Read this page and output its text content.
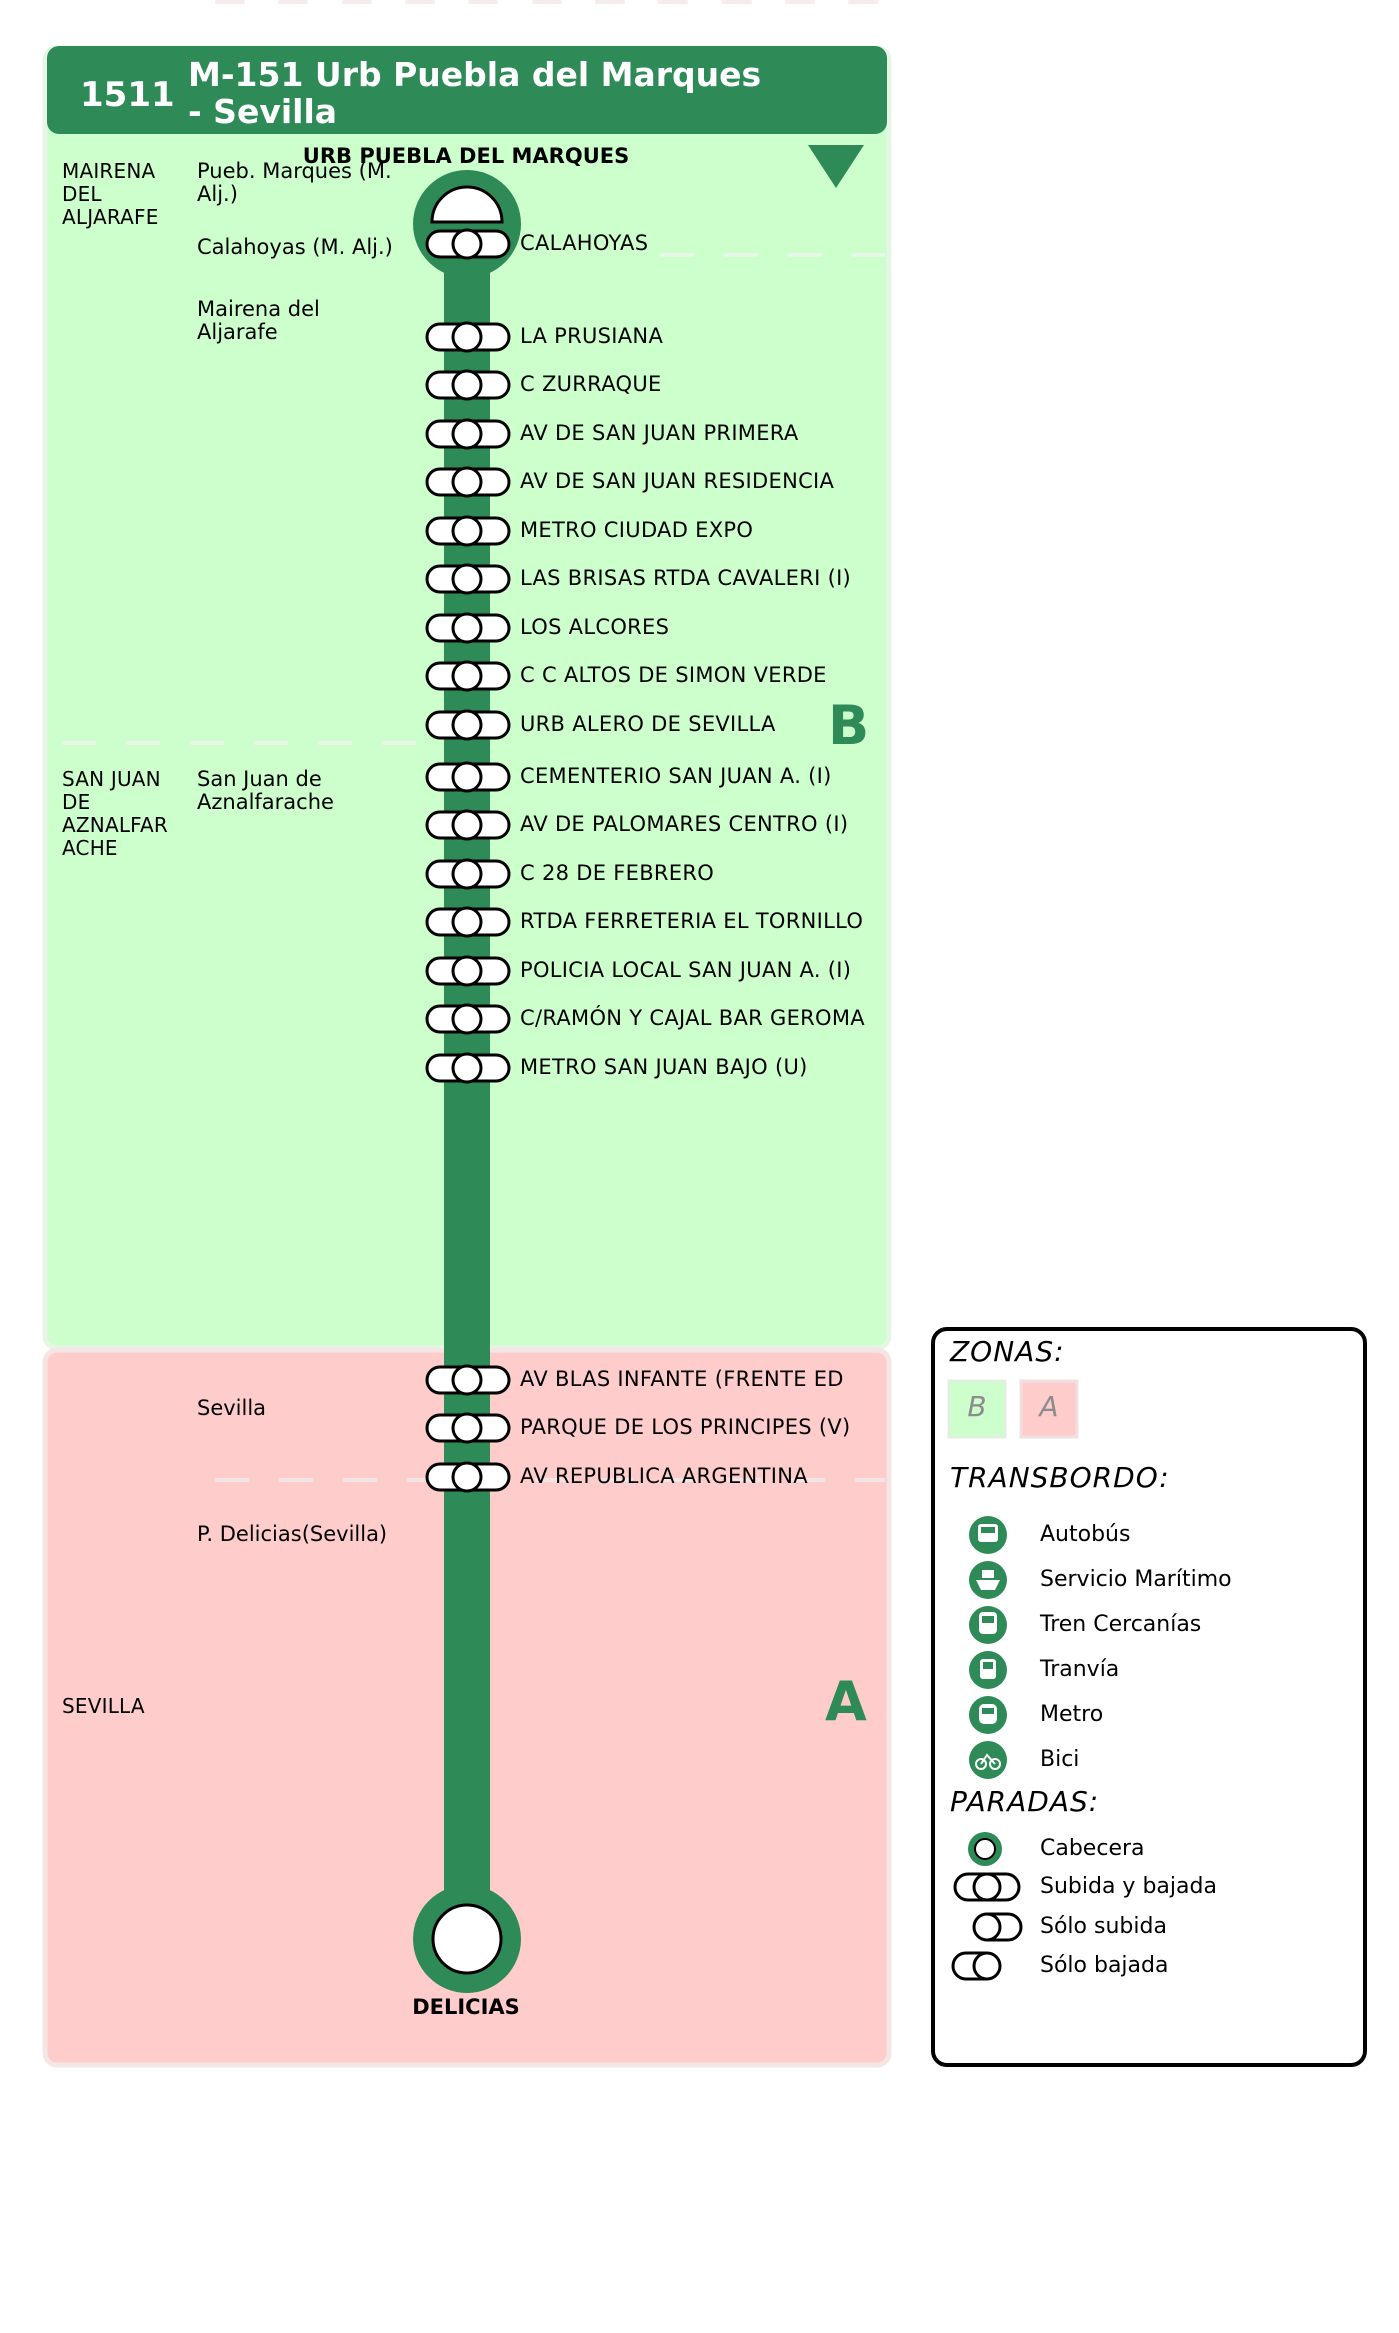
1511
M-151 Urb Puebla del Marques
- Sevilla
URB PUEBLA DEL MARQUES
DELICIAS
B
A
MAIRENA
DEL
ALJARAFE
SAN JUAN
DE
AZNALFAR
ACHE
SEVILLA
Pueb. Marques (M.
Alj.)
Calahoyas (M. Alj.)
Mairena del
Aljarafe
San Juan de
Aznalfarache
Sevilla
P. Delicias(Sevilla)
CALAHOYAS
LA PRUSIANA
C ZURRAQUE
AV DE SAN JUAN PRIMERA
AV DE SAN JUAN RESIDENCIA
METRO CIUDAD EXPO
LAS BRISAS RTDA CAVALERI (I)
LOS ALCORES
C C ALTOS DE SIMON VERDE
URB ALERO DE SEVILLA
CEMENTERIO SAN JUAN A. (I)
AV DE PALOMARES CENTRO (I)
C 28 DE FEBRERO
RTDA FERRETERIA EL TORNILLO
POLICIA LOCAL SAN JUAN A. (I)
C/RAMÓN Y CAJAL BAR GEROMA
METRO SAN JUAN BAJO (U)
AV BLAS INFANTE (FRENTE ED
PARQUE DE LOS PRINCIPES (V)
AV REPUBLICA ARGENTINA
ZONAS:
B	A
TRANSBORDO:
PARADAS:
Autobús
Servicio Marítimo
Tren Cercanías
Tranvía
Metro
Bici
Cabecera
Subida y bajada
Sólo subida
Sólo bajada
